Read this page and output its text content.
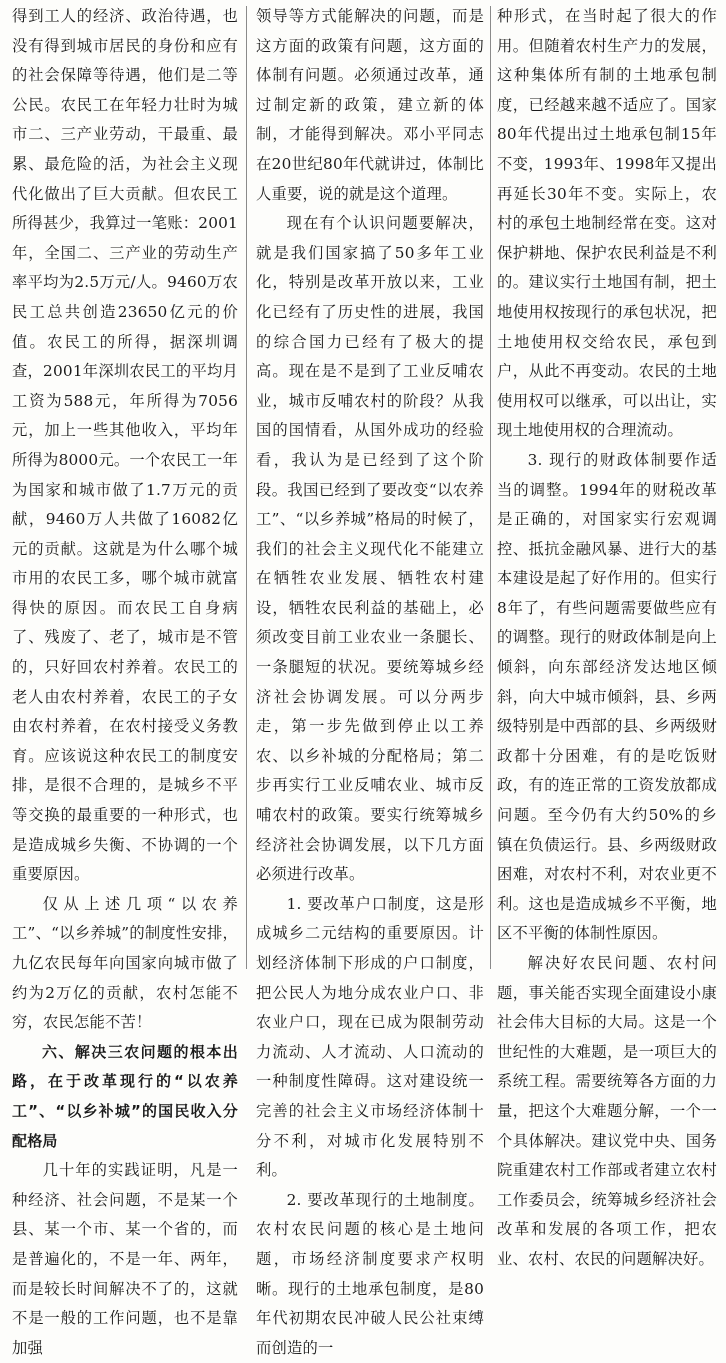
得到工人的经济、政治待遇，也没有得到城市居民的身份和应有的社会保障等待遇，他们是二等公民。农民工在年轻力壮时为城市二、三产业劳动，干最重、最累、最危险的活，为社会主义现代化做出了巨大贡献。但农民工所得甚少，我算过一笔账：2001年，全国二、三产业的劳动生产率平均为2.5万元/人。9460万农民工总共创造23650亿元的价值。农民工的所得，据深圳调查，2001年深圳农民工的平均月工资为588元，年所得为7056元，加上一些其他收入，平均年所得为8000元。一个农民工一年为国家和城市做了1.7万元的贡献，9460万人共做了16082亿元的贡献。这就是为什么哪个城市用的农民工多，哪个城市就富得快的原因。而农民工自身病了、残废了、老了，城市是不管的，只好回农村养着。农民工的老人由农村养着，农民工的子女由农村养着，在农村接受义务教育。应该说这种农民工的制度安排，是很不合理的，是城乡不平等交换的最重要的一种形式，也是造成城乡失衡、不协调的一个重要原因。

仅从上述几项“以农养工”、“以乡养城”的制度性安排，九亿农民每年向国家向城市做了约为2万亿的贡献，农村怎能不穷，农民怎能不苦！

六、解决三农问题的根本出路，在于改革现行的“以农养工”、“以乡补城”的国民收入分配格局

几十年的实践证明，凡是一种经济、社会问题，不是某一个县、某一个市、某一个省的，而是普遍化的，不是一年、两年，而是较长时间解决不了的，这就不是一般的工作问题，也不是靠加强

领导等方式能解决的问题，而是这方面的政策有问题，这方面的体制有问题。必须通过改革，通过制定新的政策，建立新的体制，才能得到解决。邓小平同志在20世纪80年代就讲过，体制比人重要，说的就是这个道理。

现在有个认识问题要解决，就是我们国家搞了50多年工业化，特别是改革开放以来，工业化已经有了历史性的进展，我国的综合国力已经有了极大的提高。现在是不是到了工业反哺农业，城市反哺农村的阶段？从我国的国情看，从国外成功的经验看，我认为是已经到了这个阶段。我国已经到了要改变“以农养工”、“以乡养城”格局的时候了，我们的社会主义现代化不能建立在牺牲农业发展、牺牲农村建设，牺牲农民利益的基础上，必须改变目前工业农业一条腿长、一条腿短的状况。要统筹城乡经济社会协调发展。可以分两步走，第一步先做到停止以工养农、以乡补城的分配格局；第二步再实行工业反哺农业、城市反哺农村的政策。要实行统筹城乡经济社会协调发展，以下几方面必须进行改革。

1. 要改革户口制度，这是形成城乡二元结构的重要原因。计划经济体制下形成的户口制度，把公民人为地分成农业户口、非农业户口，现在已成为限制劳动力流动、人才流动、人口流动的一种制度性障碍。这对建设统一完善的社会主义市场经济体制十分不利，对城市化发展特别不利。

2. 要改革现行的土地制度。农村农民问题的核心是土地问题，市场经济制度要求产权明晰。现行的土地承包制度，是80年代初期农民冲破人民公社束缚而创造的一

种形式，在当时起了很大的作用。但随着农村生产力的发展，这种集体所有制的土地承包制度，已经越来越不适应了。国家80年代提出过土地承包制15年不变，1993年、1998年又提出再延长30年不变。实际上，农村的承包土地制经常在变。这对保护耕地、保护农民利益是不利的。建议实行土地国有制，把土地使用权按现行的承包状况，把土地使用权交给农民，承包到户，从此不再变动。农民的土地使用权可以继承，可以出让，实现土地使用权的合理流动。

3. 现行的财政体制要作适当的调整。1994年的财税改革是正确的，对国家实行宏观调控、抵抗金融风暴、进行大的基本建设是起了好作用的。但实行8年了，有些问题需要做些应有的调整。现行的财政体制是向上倾斜，向东部经济发达地区倾斜，向大中城市倾斜，县、乡两级特别是中西部的县、乡两级财政都十分困难，有的是吃饭财政，有的连正常的工资发放都成问题。至今仍有大约50%的乡镇在负债运行。县、乡两级财政困难，对农村不利，对农业更不利。这也是造成城乡不平衡，地区不平衡的体制性原因。

解决好农民问题、农村问题，事关能否实现全面建设小康社会伟大目标的大局。这是一个世纪性的大难题，是一项巨大的系统工程。需要统筹各方面的力量，把这个大难题分解，一个一个具体解决。建议党中央、国务院重建农村工作部或者建立农村工作委员会，统筹城乡经济社会改革和发展的各项工作，把农业、农村、农民的问题解决好。
